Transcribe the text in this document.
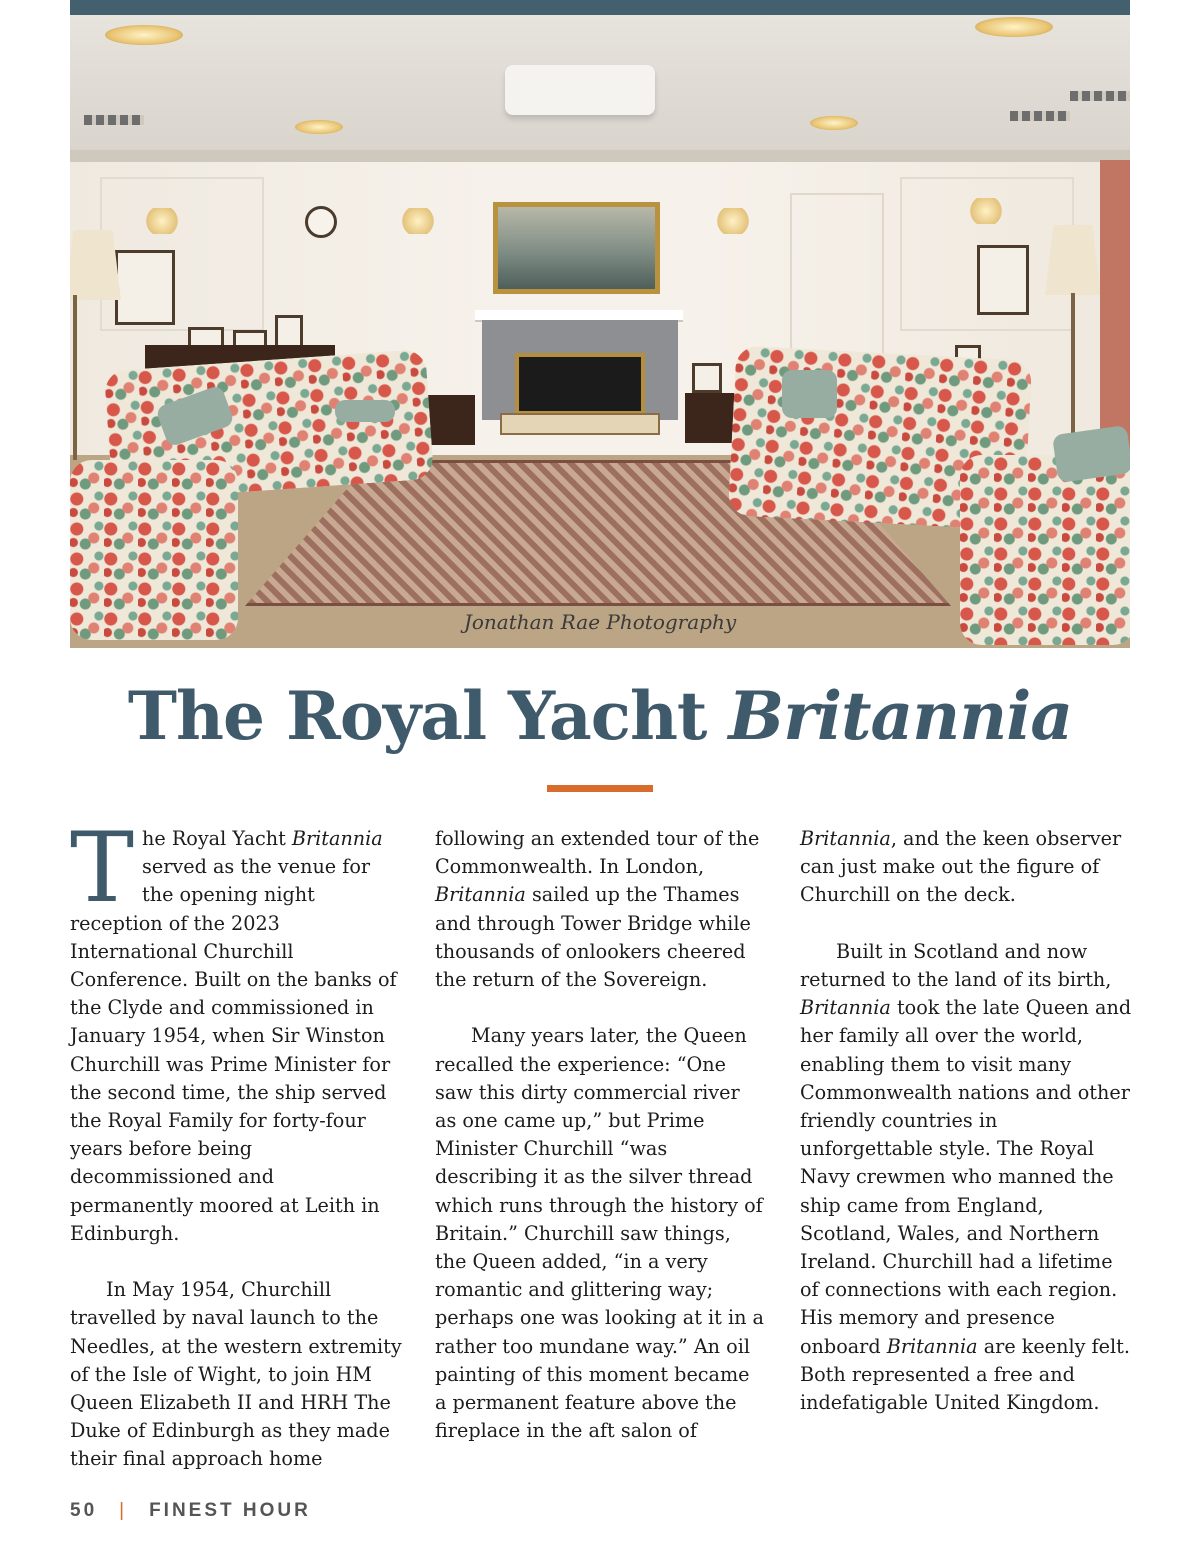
Jonathan Rae Photography
The Royal Yacht Britannia

The Royal Yacht Britannia served as the venue for the opening night reception of the 2023 International Churchill Conference. Built on the banks of the Clyde and commissioned in January 1954, when Sir Winston Churchill was Prime Minister for the second time, the ship served the Royal Family for forty-four years before being decommissioned and permanently moored at Leith in Edinburgh.

In May 1954, Churchill travelled by naval launch to the Needles, at the western extremity of the Isle of Wight, to join HM Queen Elizabeth II and HRH The Duke of Edinburgh as they made their final approach home

following an extended tour of the Commonwealth. In London, Britannia sailed up the Thames and through Tower Bridge while thousands of onlookers cheered the return of the Sovereign.

Many years later, the Queen recalled the experience: “One saw this dirty commercial river as one came up,” but Prime Minister Churchill “was describing it as the silver thread which runs through the history of Britain.” Churchill saw things, the Queen added, “in a very romantic and glittering way; perhaps one was looking at it in a rather too mundane way.” An oil painting of this moment became a permanent feature above the fireplace in the aft salon of

Britannia, and the keen observer can just make out the figure of Churchill on the deck.

Built in Scotland and now returned to the land of its birth, Britannia took the late Queen and her family all over the world, enabling them to visit many Commonwealth nations and other friendly countries in unforgettable style. The Royal Navy crewmen who manned the ship came from England, Scotland, Wales, and Northern Ireland. Churchill had a lifetime of connections with each region. His memory and presence onboard Britannia are keenly felt. Both represented a free and indefatigable United Kingdom.

50 | FINEST HOUR
